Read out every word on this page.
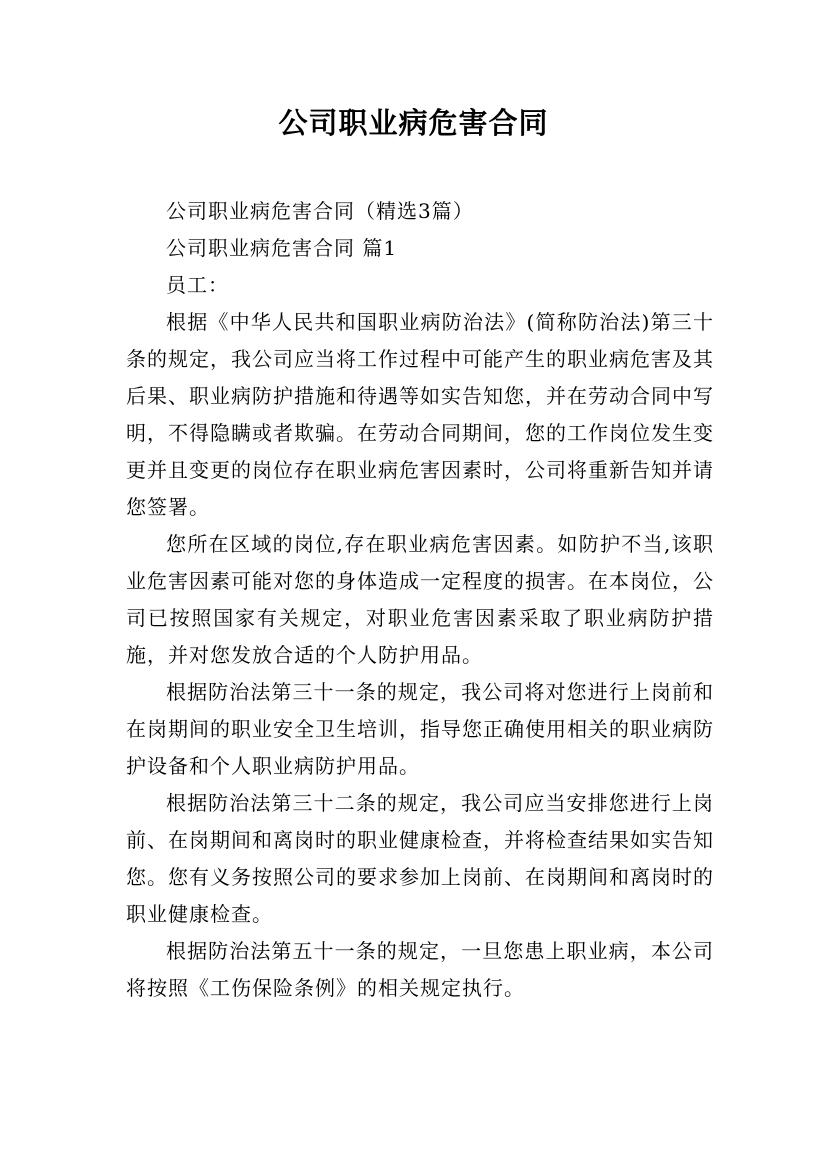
公司职业病危害合同

公司职业病危害合同（精选3篇）

公司职业病危害合同 篇1

员工：

根据《中华人民共和国职业病防治法》(简称防治法)第三十条的规定，我公司应当将工作过程中可能产生的职业病危害及其后果、职业病防护措施和待遇等如实告知您，并在劳动合同中写明，不得隐瞒或者欺骗。在劳动合同期间，您的工作岗位发生变更并且变更的岗位存在职业病危害因素时，公司将重新告知并请您签署。

您所在区域的岗位,存在职业病危害因素。如防护不当,该职业危害因素可能对您的身体造成一定程度的损害。在本岗位，公司已按照国家有关规定，对职业危害因素采取了职业病防护措施，并对您发放合适的个人防护用品。

根据防治法第三十一条的规定，我公司将对您进行上岗前和在岗期间的职业安全卫生培训，指导您正确使用相关的职业病防护设备和个人职业病防护用品。

根据防治法第三十二条的规定，我公司应当安排您进行上岗前、在岗期间和离岗时的职业健康检查，并将检查结果如实告知您。您有义务按照公司的要求参加上岗前、在岗期间和离岗时的职业健康检查。

根据防治法第五十一条的规定，一旦您患上职业病，本公司将按照《工伤保险条例》的相关规定执行。
